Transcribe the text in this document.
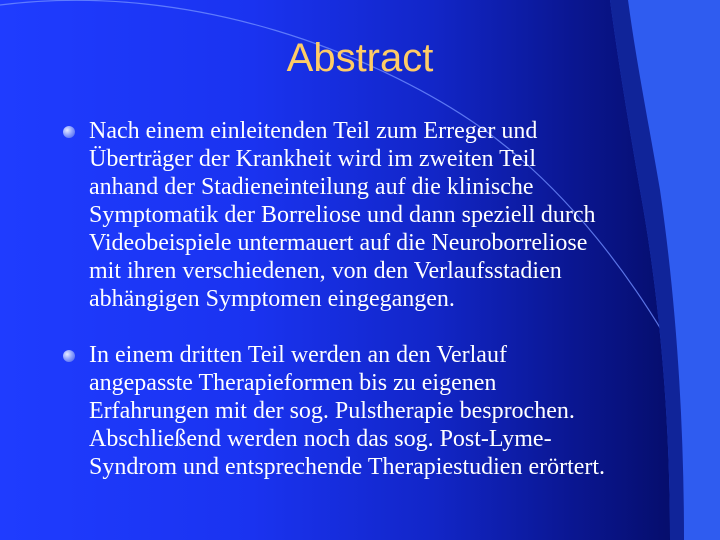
Abstract
Nach einem einleitenden Teil zum Erreger und
Überträger der Krankheit wird im zweiten Teil
anhand der Stadieneinteilung auf die klinische
Symptomatik der Borreliose und dann speziell durch
Videobeispiele untermauert auf die Neuroborreliose
mit ihren verschiedenen, von den Verlaufsstadien
abhängigen Symptomen eingegangen.
In einem dritten Teil werden an den Verlauf
angepasste Therapieformen bis zu eigenen
Erfahrungen mit der sog. Pulstherapie besprochen.
Abschließend werden noch das sog. Post-Lyme-
Syndrom und entsprechende Therapiestudien erörtert.
